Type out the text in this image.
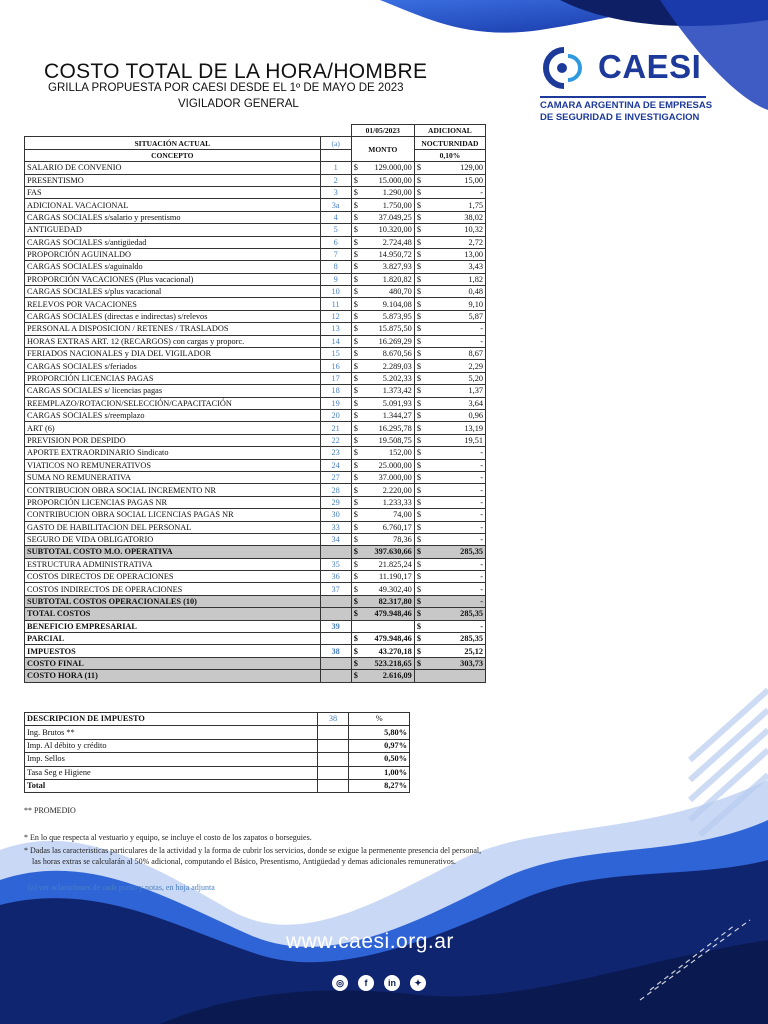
COSTO TOTAL DE LA HORA/HOMBRE
GRILLA PROPUESTA POR CAESI DESDE EL 1º DE MAYO DE 2023
VIGILADOR GENERAL
CAESI
CAMARA ARGENTINA DE EMPRESAS
DE SEGURIDAD E INVESTIGACION
		01/05/2023		ADICIONAL	
SITUACIÓN ACTUAL	(a)	MONTO		NOCTURNIDAD	
CONCEPTO				0,10%	
SALARIO DE CONVENIO	1	$	129.000,00	$	129,00
PRESENTISMO	2	$	15.000,00	$	15,00
FAS	3	$	1.290,00	$	-
ADICIONAL VACACIONAL	3a	$	1.750,00	$	1,75
CARGAS SOCIALES s/salario y presentismo	4	$	37.049,25	$	38,02
ANTIGUEDAD	5	$	10.320,00	$	10,32
CARGAS SOCIALES s/antigüedad	6	$	2.724,48	$	2,72
PROPORCIÓN AGUINALDO	7	$	14.950,72	$	13,00
CARGAS SOCIALES s/aguinaldo	8	$	3.827,93	$	3,43
PROPORCIÓN VACACIONES (Plus vacacional)	9	$	1.820,82	$	1,82
CARGAS SOCIALES s/plus vacacional	10	$	480,70	$	0,48
RELEVOS POR VACACIONES	11	$	9.104,08	$	9,10
CARGAS SOCIALES (directas e indirectas) s/relevos	12	$	5.873,95	$	5,87
PERSONAL A DISPOSICION / RETENES / TRASLADOS	13	$	15.875,50	$	-
HORAS EXTRAS ART. 12 (RECARGOS) con cargas y proporc.	14	$	16.269,29	$	-
FERIADOS NACIONALES y DIA DEL VIGILADOR	15	$	8.670,56	$	8,67
CARGAS SOCIALES s/feriados	16	$	2.289,03	$	2,29
PROPORCIÓN LICENCIAS PAGAS	17	$	5.202,33	$	5,20
CARGAS SOCIALES s/ licencias pagas	18	$	1.373,42	$	1,37
REEMPLAZO/ROTACION/SELECCIÓN/CAPACITACIÓN	19	$	5.091,93	$	3,64
CARGAS SOCIALES s/reemplazo	20	$	1.344,27	$	0,96
ART (6)	21	$	16.295,78	$	13,19
PREVISION POR DESPIDO	22	$	19.508,75	$	19,51
APORTE EXTRAORDINARIO Sindicato	23	$	152,00	$	-
VIATICOS NO REMUNERATIVOS	24	$	25.000,00	$	-
SUMA NO REMUNERATIVA	27	$	37.000,00	$	-
CONTRIBUCION OBRA SOCIAL INCREMENTO NR	28	$	2.220,00	$	-
PROPORCIÓN LICENCIAS PAGAS NR	29	$	1.233,33	$	-
CONTRIBUCION OBRA SOCIAL LICENCIAS PAGAS NR	30	$	74,00	$	-
GASTO DE HABILITACION DEL PERSONAL	33	$	6.760,17	$	-
SEGURO DE VIDA OBLIGATORIO	34	$	78,36	$	-
SUBTOTAL COSTO M.O. OPERATIVA		$	397.630,66	$	285,35
ESTRUCTURA ADMINISTRATIVA	35	$	21.825,24	$	-
COSTOS DIRECTOS DE OPERACIONES	36	$	11.190,17	$	-
COSTOS INDIRECTOS DE OPERACIONES	37	$	49.302,40	$	-
SUBTOTAL COSTOS OPERACIONALES (10)		$	82.317,80	$	-
TOTAL COSTOS		$	479.948,46	$	285,35
BENEFICIO EMPRESARIAL	39			$	-
PARCIAL		$	479.948,46	$	285,35
IMPUESTOS	38	$	43.270,18	$	25,12
COSTO FINAL		$	523.218,65	$	303,73
COSTO HORA (11)		$	2.616,09		
DESCRIPCION DE IMPUESTO	38	%
Ing. Brutos **		5,80%
Imp. Al débito y crédito		0,97%
Imp. Sellos		0,50%
Tasa Seg e Higiene		1,00%
Total		8,27%
** PROMEDIO
* En lo que respecta al vestuario y equipo, se incluye el costo de los zapatos o borseguies.
* Dadas las caracteristicas particulares de la actividad y la forma de cubrir los servicios, donde se exigue la permenente presencia del personal,
las horas extras se calcularán al 50% adicional, computando el Básico, Presentismo, Antigüedad y demas adicionales remunerativos.
(a) ver aclaraciones de cada punto y notas, en hoja adjunta
www.caesi.org.ar
◎	f	in	✦
